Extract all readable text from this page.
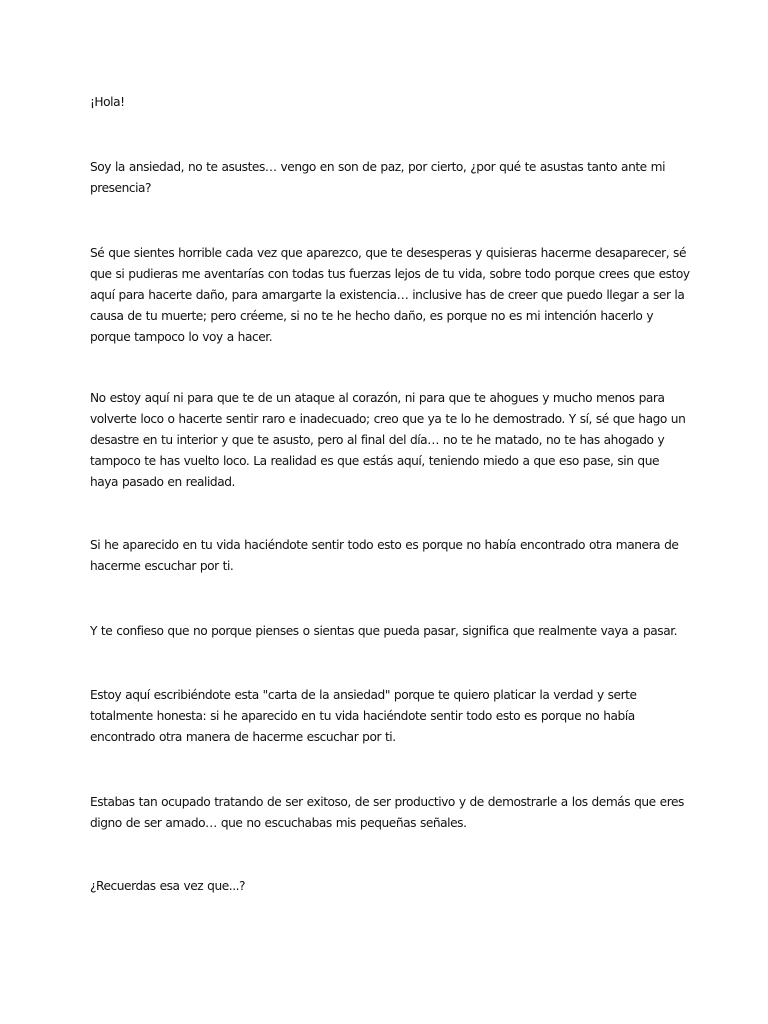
¡Hola!

Soy la ansiedad, no te asustes… vengo en son de paz, por cierto, ¿por qué te asustas tanto ante mi presencia?

Sé que sientes horrible cada vez que aparezco, que te desesperas y quisieras hacerme desaparecer, sé que si pudieras me aventarías con todas tus fuerzas lejos de tu vida, sobre todo porque crees que estoy aquí para hacerte daño, para amargarte la existencia… inclusive has de creer que puedo llegar a ser la causa de tu muerte; pero créeme, si no te he hecho daño, es porque no es mi intención hacerlo y porque tampoco lo voy a hacer.

No estoy aquí ni para que te de un ataque al corazón, ni para que te ahogues y mucho menos para volverte loco o hacerte sentir raro e inadecuado; creo que ya te lo he demostrado. Y sí, sé que hago un desastre en tu interior y que te asusto, pero al final del día… no te he matado, no te has ahogado y tampoco te has vuelto loco. La realidad es que estás aquí, teniendo miedo a que eso pase, sin que haya pasado en realidad.

Si he aparecido en tu vida haciéndote sentir todo esto es porque no había encontrado otra manera de hacerme escuchar por ti.

Y te confieso que no porque pienses o sientas que pueda pasar, significa que realmente vaya a pasar.

Estoy aquí escribiéndote esta "carta de la ansiedad" porque te quiero platicar la verdad y serte totalmente honesta: si he aparecido en tu vida haciéndote sentir todo esto es porque no había encontrado otra manera de hacerme escuchar por ti.

Estabas tan ocupado tratando de ser exitoso, de ser productivo y de demostrarle a los demás que eres digno de ser amado… que no escuchabas mis pequeñas señales.

¿Recuerdas esa vez que...?
